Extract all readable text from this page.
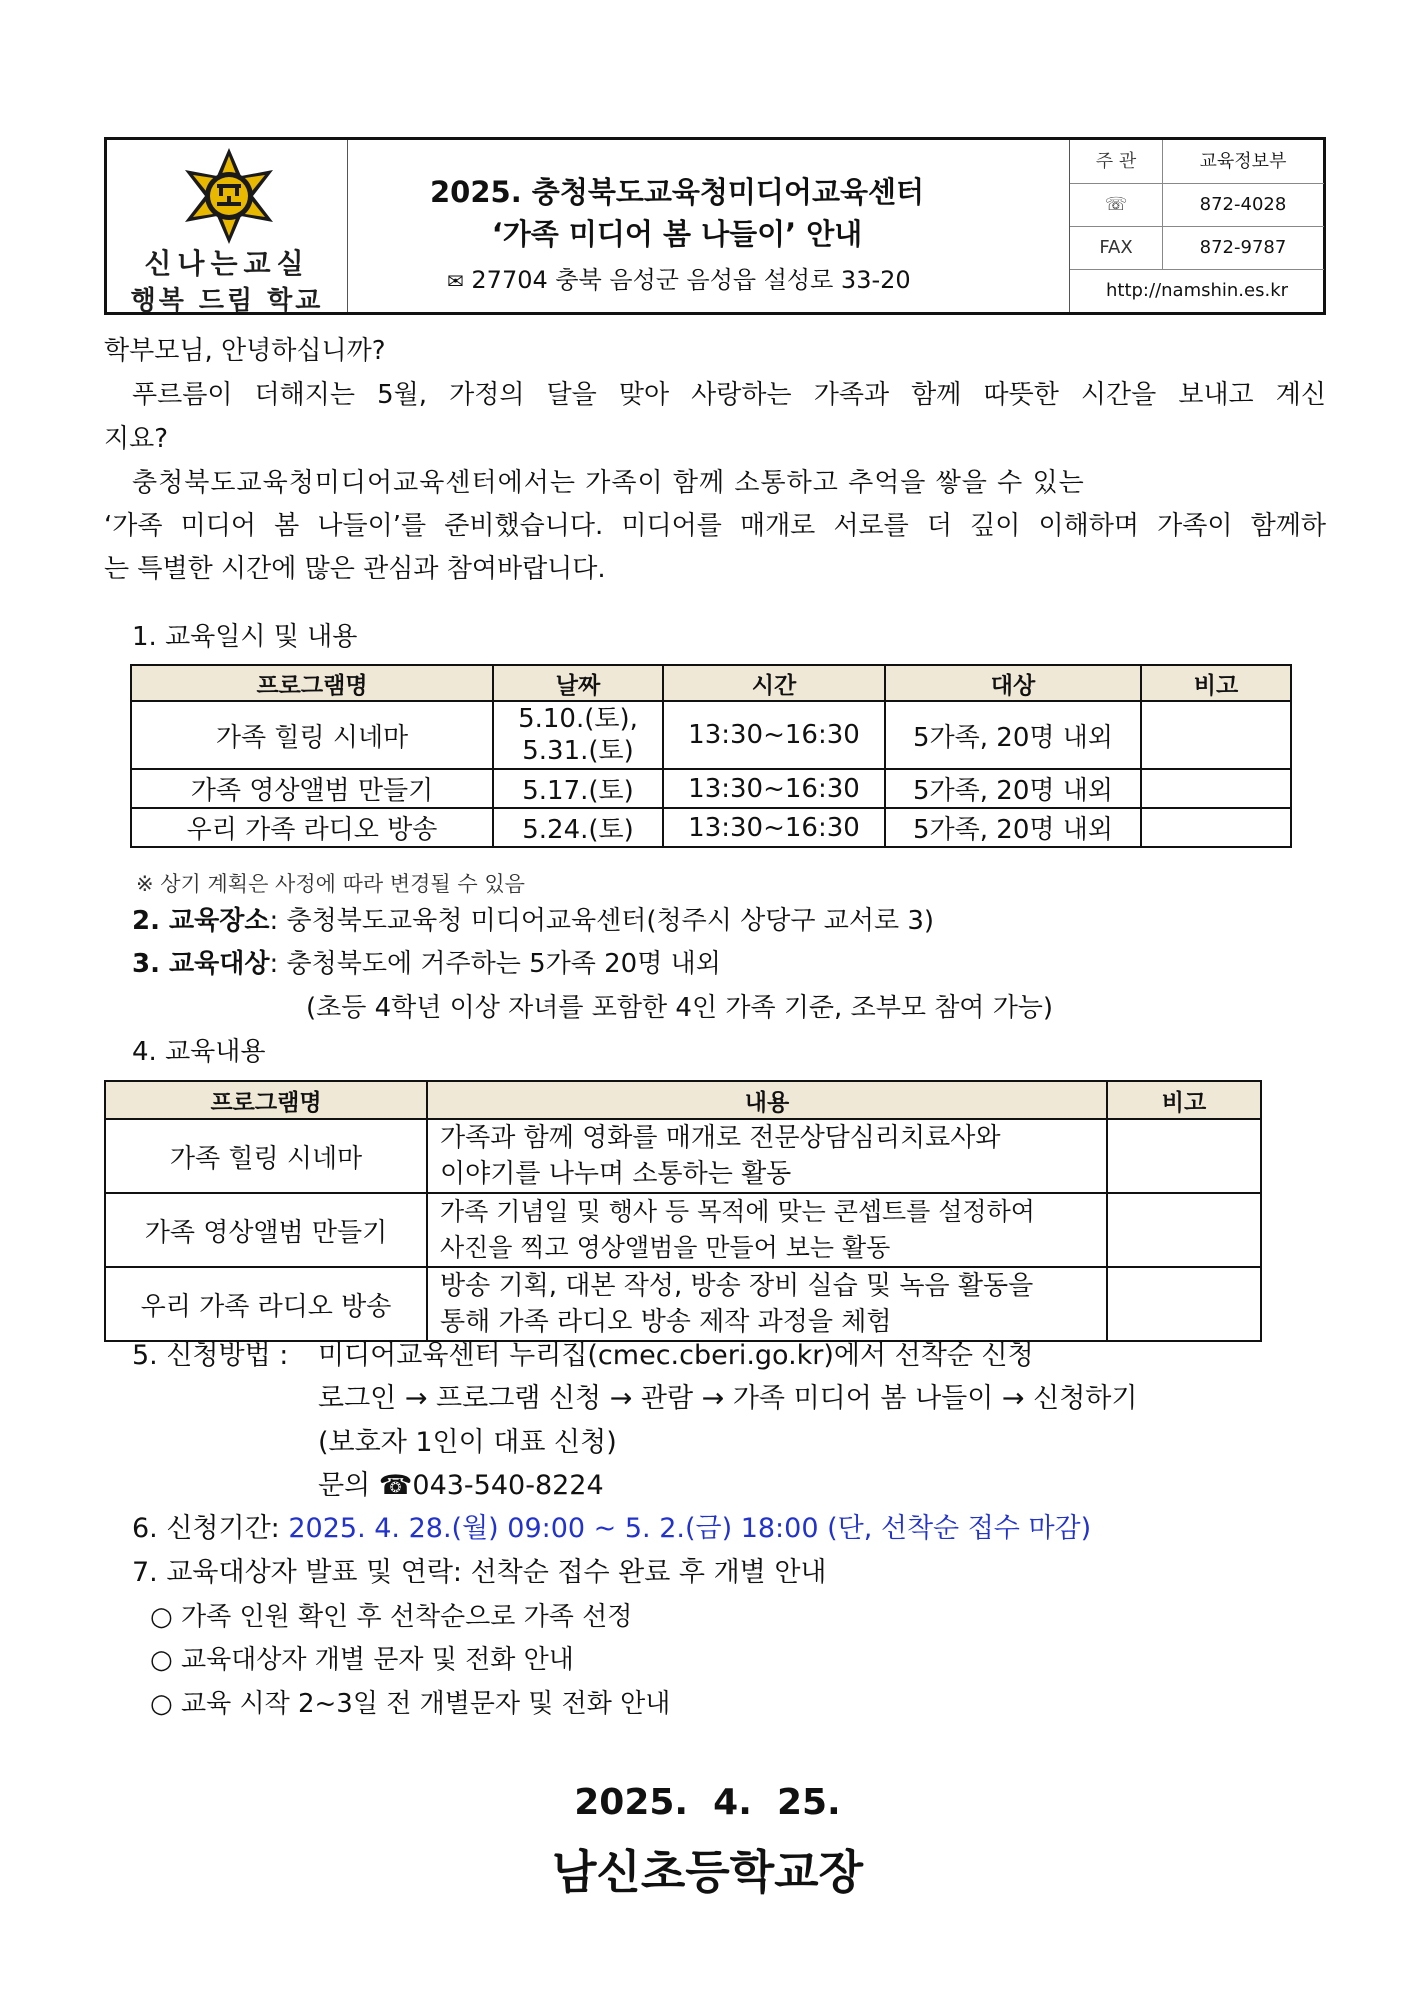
신나는교실
행복 드림 학교
2025. 충청북도교육청미디어교육센터
‘가족 미디어 봄 나들이’ 안내
✉ 27704 충북 음성군 음성읍 설성로 33-20
주 관	교육정보부
☏	872-4028
FAX	872-9787
http://namshin.es.kr
학부모님, 안녕하십니까?
푸르름이 더해지는 5월, 가정의 달을 맞아 사랑하는 가족과 함께 따뜻한 시간을 보내고 계신
지요?
충청북도교육청미디어교육센터에서는 가족이 함께 소통하고 추억을 쌓을 수 있는
‘가족 미디어 봄 나들이’를 준비했습니다. 미디어를 매개로 서로를 더 깊이 이해하며 가족이 함께하
는 특별한 시간에 많은 관심과 참여바랍니다.
1. 교육일시 및 내용
프로그램명	날짜	시간	대상	비고
가족 힐링 시네마	5.10.(토),
5.31.(토)	13:30~16:30	5가족, 20명 내외	
가족 영상앨범 만들기	5.17.(토)	13:30~16:30	5가족, 20명 내외	
우리 가족 라디오 방송	5.24.(토)	13:30~16:30	5가족, 20명 내외	
※ 상기 계획은 사정에 따라 변경될 수 있음
2. 교육장소: 충청북도교육청 미디어교육센터(청주시 상당구 교서로 3)
3. 교육대상: 충청북도에 거주하는 5가족 20명 내외
(초등 4학년 이상 자녀를 포함한 4인 가족 기준, 조부모 참여 가능)
4. 교육내용
프로그램명	내용	비고
가족 힐링 시네마	가족과 함께 영화를 매개로 전문상담심리치료사와
이야기를 나누며 소통하는 활동	

가족 영상앨범 만들기	가족 기념일 및 행사 등 목적에 맞는 콘셉트를 설정하여
사진을 찍고 영상앨범을 만들어 보는 활동	

우리 가족 라디오 방송	방송 기획, 대본 작성, 방송 장비 실습 및 녹음 활동을
통해 가족 라디오 방송 제작 과정을 체험	

5. 신청방법 : 미디어교육센터 누리집(cmec.cberi.go.kr)에서 선착순 신청
로그인 → 프로그램 신청 → 관람 → 가족 미디어 봄 나들이 → 신청하기
(보호자 1인이 대표 신청)
문의 ☎043-540-8224
6. 신청기간: 2025. 4. 28.(월) 09:00 ~ 5. 2.(금) 18:00 (단, 선착순 접수 마감)
7. 교육대상자 발표 및 연락: 선착순 접수 완료 후 개별 안내
○ 가족 인원 확인 후 선착순으로 가족 선정
○ 교육대상자 개별 문자 및 전화 안내
○ 교육 시작 2~3일 전 개별문자 및 전화 안내
2025.  4.  25.
남신초등학교장
